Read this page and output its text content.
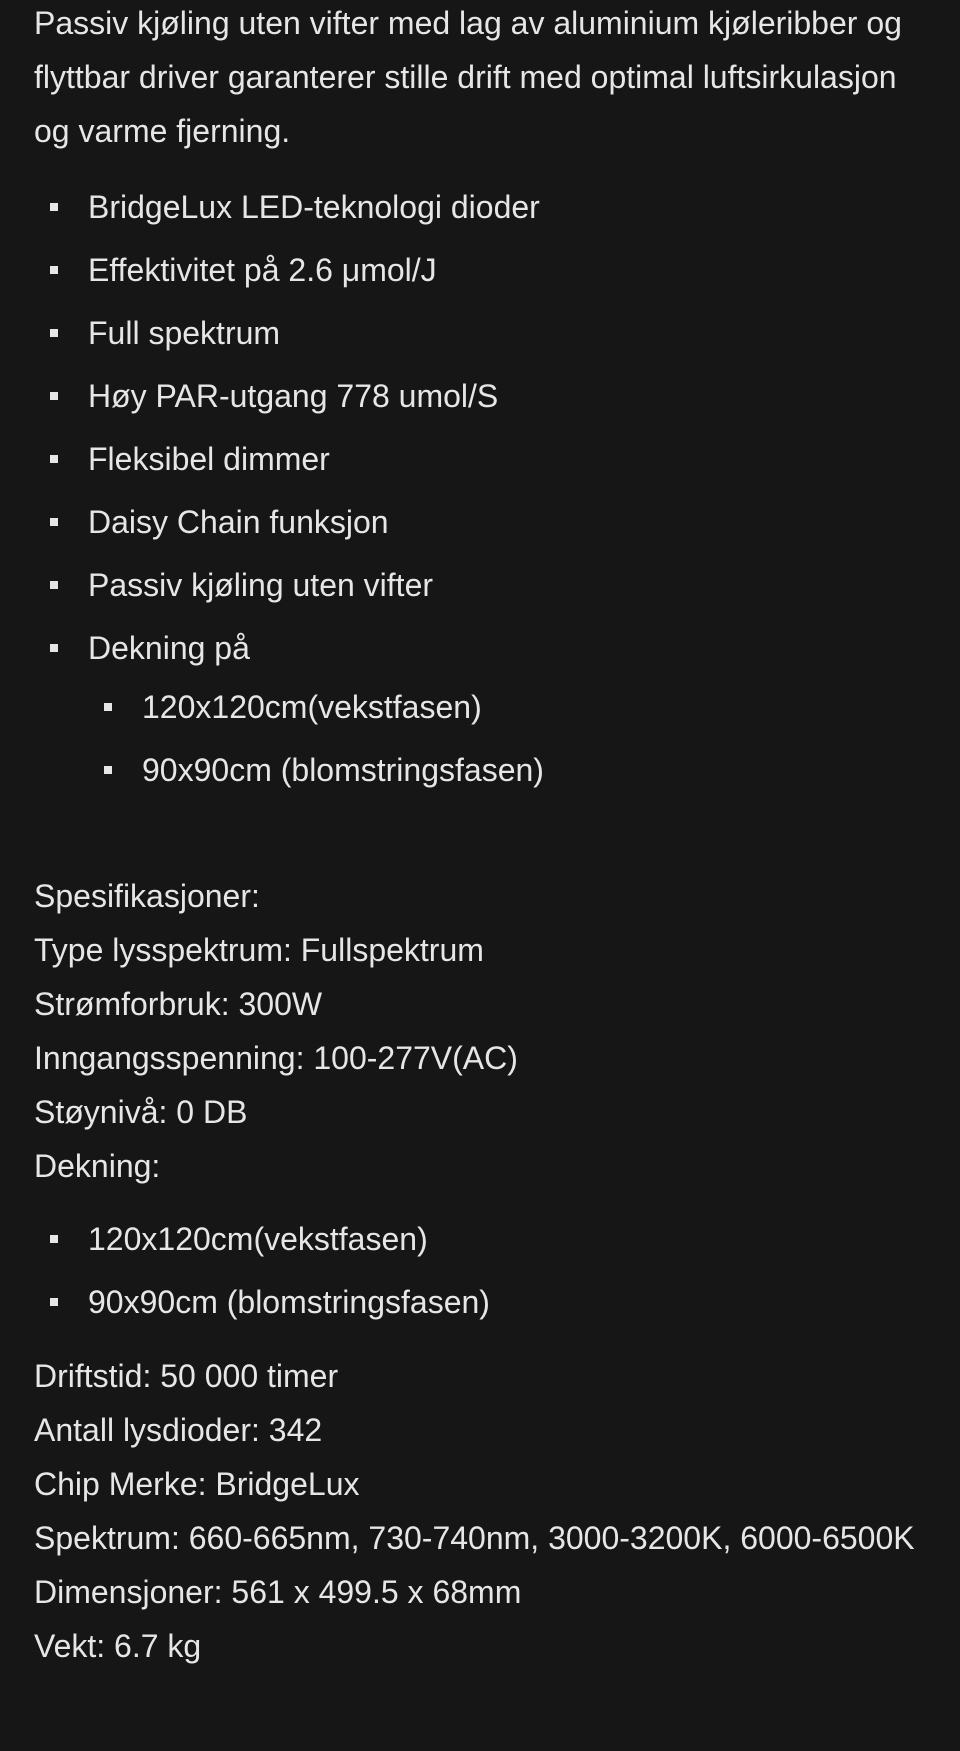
Passiv kjøling uten vifter med lag av aluminium kjøleribber og flyttbar driver garanterer stille drift med optimal luftsirkulasjon og varme fjerning.

BridgeLux LED-teknologi dioder
Effektivitet på 2.6 μmol/J
Full spektrum
Høy PAR-utgang 778 umol/S
Fleksibel dimmer
Daisy Chain funksjon
Passiv kjøling uten vifter
Dekning på
120x120cm(vekstfasen)
90x90cm (blomstringsfasen)
Spesifikasjoner:
Type lysspektrum: Fullspektrum
Strømforbruk: 300W
Inngangsspenning: 100-277V(AC)
Støynivå: 0 DB
Dekning:
120x120cm(vekstfasen)
90x90cm (blomstringsfasen)
Driftstid: 50 000 timer
Antall lysdioder: 342
Chip Merke: BridgeLux
Spektrum: 660-665nm, 730-740nm, 3000-3200K, 6000-6500K
Dimensjoner: 561 x 499.5 x 68mm
Vekt: 6.7 kg
